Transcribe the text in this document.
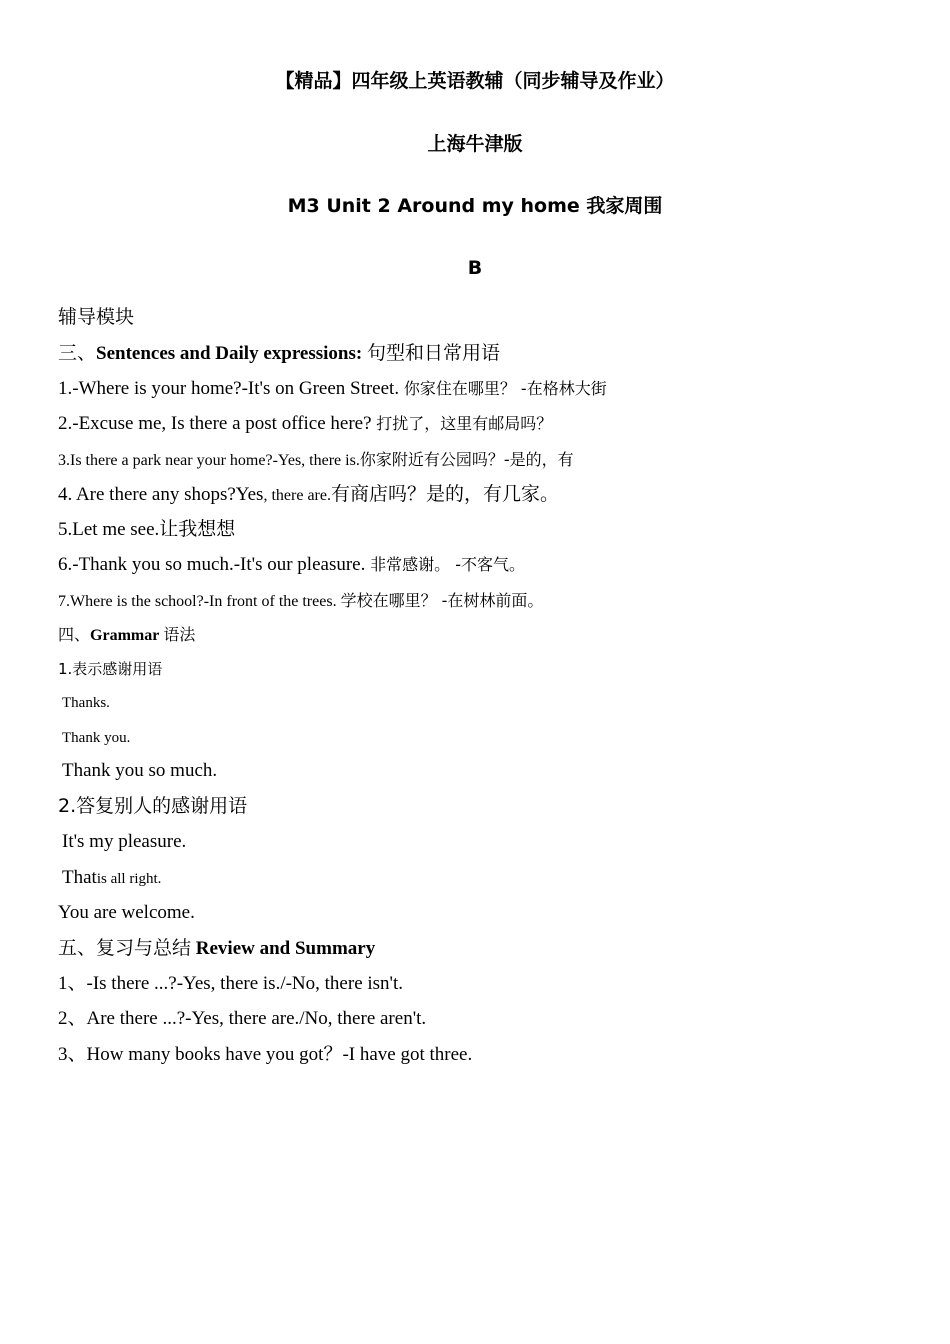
【精品】四年级上英语教辅（同步辅导及作业）
上海牛津版
M3 Unit 2 Around my home 我家周围
B
辅导模块
三、Sentences and Daily expressions: 句型和日常用语
1.-Where is your home?-It's on Green Street. 你家住在哪里？ -在格林大街
2.-Excuse me, Is there a post office here? 打扰了，这里有邮局吗？
3.Is there a park near your home?-Yes, there is.你家附近有公园吗？-是的，有
4. Are there any shops?Yes, there are.有商店吗？是的，有几家。
5.Let me see.让我想想
6.-Thank you so much.-It's our pleasure. 非常感谢。 -不客气。
7.Where is the school?-In front of the trees. 学校在哪里？ -在树林前面。
四、Grammar 语法
1.表示感谢用语
Thanks.
Thank you.
Thank you so much.
2.答复别人的感谢用语
It's my pleasure.
Thatis all right.
You are welcome.
五、复习与总结 Review and Summary
1、-Is there ...?-Yes, there is./-No, there isn't.
2、Are there ...?-Yes, there are./No, there aren't.
3、How many books have you got？-I have got three.
